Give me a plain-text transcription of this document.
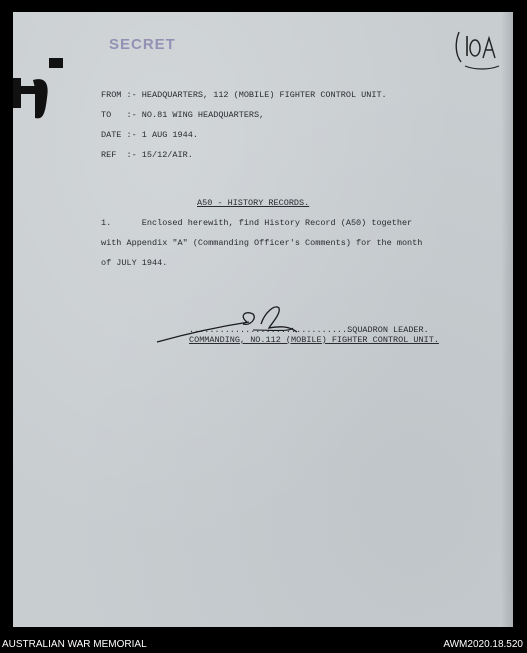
SECRET
10 A
FROM :- HEADQUARTERS, 112 (MOBILE) FIGHTER CONTROL UNIT.
TO   :- NO.81 WING HEADQUARTERS,
DATE :- 1 AUG 1944.
REF  :- 15/12/AIR.
A50 - HISTORY RECORDS.
1.      Enclosed herewith, find History Record (A50) together
with Appendix "A" (Commanding Officer's Comments) for the month
of JULY 1944.
...............................SQUADRON LEADER.
COMMANDING, NO.112 (MOBILE) FIGHTER CONTROL UNIT.
AUSTRALIAN WAR MEMORIAL	AWM2020.18.520
